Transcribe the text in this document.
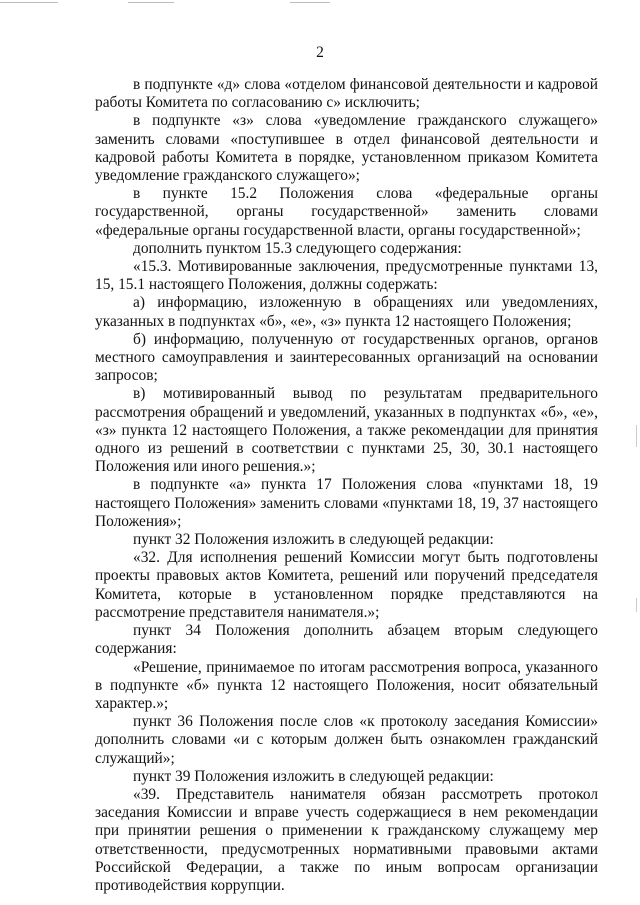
2

в подпункте «д» слова «отделом финансовой деятельности и кадровой работы Комитета по согласованию с» исключить;

в подпункте «з» слова «уведомление гражданского служащего» заменить словами «поступившее в отдел финансовой деятельности и кадровой работы Комитета в порядке, установленном приказом Комитета уведомление гражданского служащего»;

в пункте 15.2 Положения слова «федеральные органы государственной, органы государственной» заменить словами «федеральные органы государственной власти, органы государственной»;

дополнить пунктом 15.3 следующего содержания:

«15.3. Мотивированные заключения, предусмотренные пунктами 13, 15, 15.1 настоящего Положения, должны содержать:

а) информацию, изложенную в обращениях или уведомлениях, указанных в подпунктах «б», «е», «з» пункта 12 настоящего Положения;

б) информацию, полученную от государственных органов, органов местного самоуправления и заинтересованных организаций на основании запросов;

в) мотивированный вывод по результатам предварительного рассмотрения обращений и уведомлений, указанных в подпунктах «б», «е», «з» пункта 12 настоящего Положения, а также рекомендации для принятия одного из решений в соответствии с пунктами 25, 30, 30.1 настоящего Положения или иного решения.»;

в подпункте «а» пункта 17 Положения слова «пунктами 18, 19 настоящего Положения» заменить словами «пунктами 18, 19, 37 настоящего Положения»;

пункт 32 Положения изложить в следующей редакции:

«32. Для исполнения решений Комиссии могут быть подготовлены проекты правовых актов Комитета, решений или поручений председателя Комитета, которые в установленном порядке представляются на рассмотрение представителя нанимателя.»;

пункт 34 Положения дополнить абзацем вторым следующего содержания:

«Решение, принимаемое по итогам рассмотрения вопроса, указанного в подпункте «б» пункта 12 настоящего Положения, носит обязательный характер.»;

пункт 36 Положения после слов «к протоколу заседания Комиссии» дополнить словами «и с которым должен быть ознакомлен гражданский служащий»;

пункт 39 Положения изложить в следующей редакции:

«39. Представитель нанимателя обязан рассмотреть протокол заседания Комиссии и вправе учесть содержащиеся в нем рекомендации при принятии решения о применении к гражданскому служащему мер ответственности, предусмотренных нормативными правовыми актами Российской Федерации, а также по иным вопросам организации противодействия коррупции.
